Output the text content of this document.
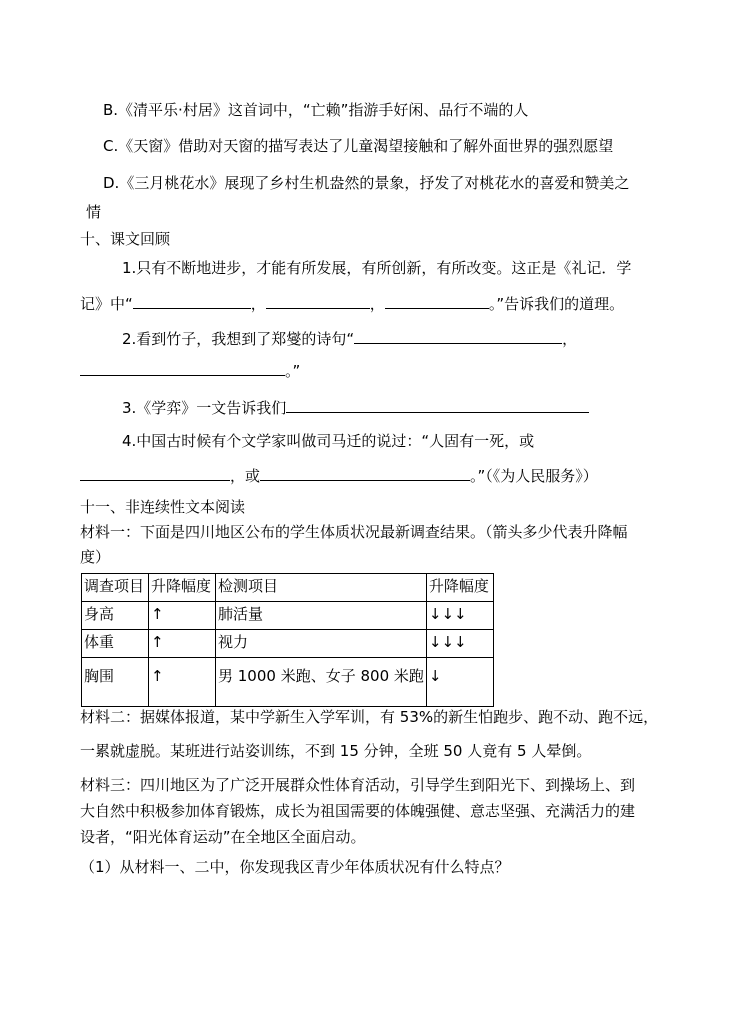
B.《清平乐·村居》这首词中，“亡赖”指游手好闲、品行不端的人
C.《天窗》借助对天窗的描写表达了儿童渴望接触和了解外面世界的强烈愿望
D.《三月桃花水》展现了乡村生机盎然的景象，抒发了对桃花水的喜爱和赞美之
情
十、课文回顾
1.只有不断地进步，才能有所发展，有所创新，有所改变。这正是《礼记．学
记》中“	，	，	。”告诉我们的道理。
2.看到竹子，我想到了郑燮的诗句“	，
。”
3.《学弈》一文告诉我们
4.中国古时候有个文学家叫做司马迁的说过：“人固有一死，或
，或	。”（《为人民服务》）
十一、非连续性文本阅读
材料一：下面是四川地区公布的学生体质状况最新调查结果。（箭头多少代表升降幅
度）
调查项目	升降幅度	检测项目	升降幅度
身高	↑	肺活量	↓↓↓
体重	↑	视力	↓↓↓
胸围	↑	男 1000 米跑、女子 800 米跑	↓
材料二：据媒体报道，某中学新生入学军训，有 53%的新生怕跑步、跑不动、跑不远，
一累就虚脱。某班进行站姿训练，不到 15 分钟，全班 50 人竟有 5 人晕倒。
材料三：四川地区为了广泛开展群众性体育活动，引导学生到阳光下、到操场上、到
大自然中积极参加体育锻炼，成长为祖国需要的体魄强健、意志坚强、充满活力的建
设者，“阳光体育运动”在全地区全面启动。
（1）从材料一、二中，你发现我区青少年体质状况有什么特点？
